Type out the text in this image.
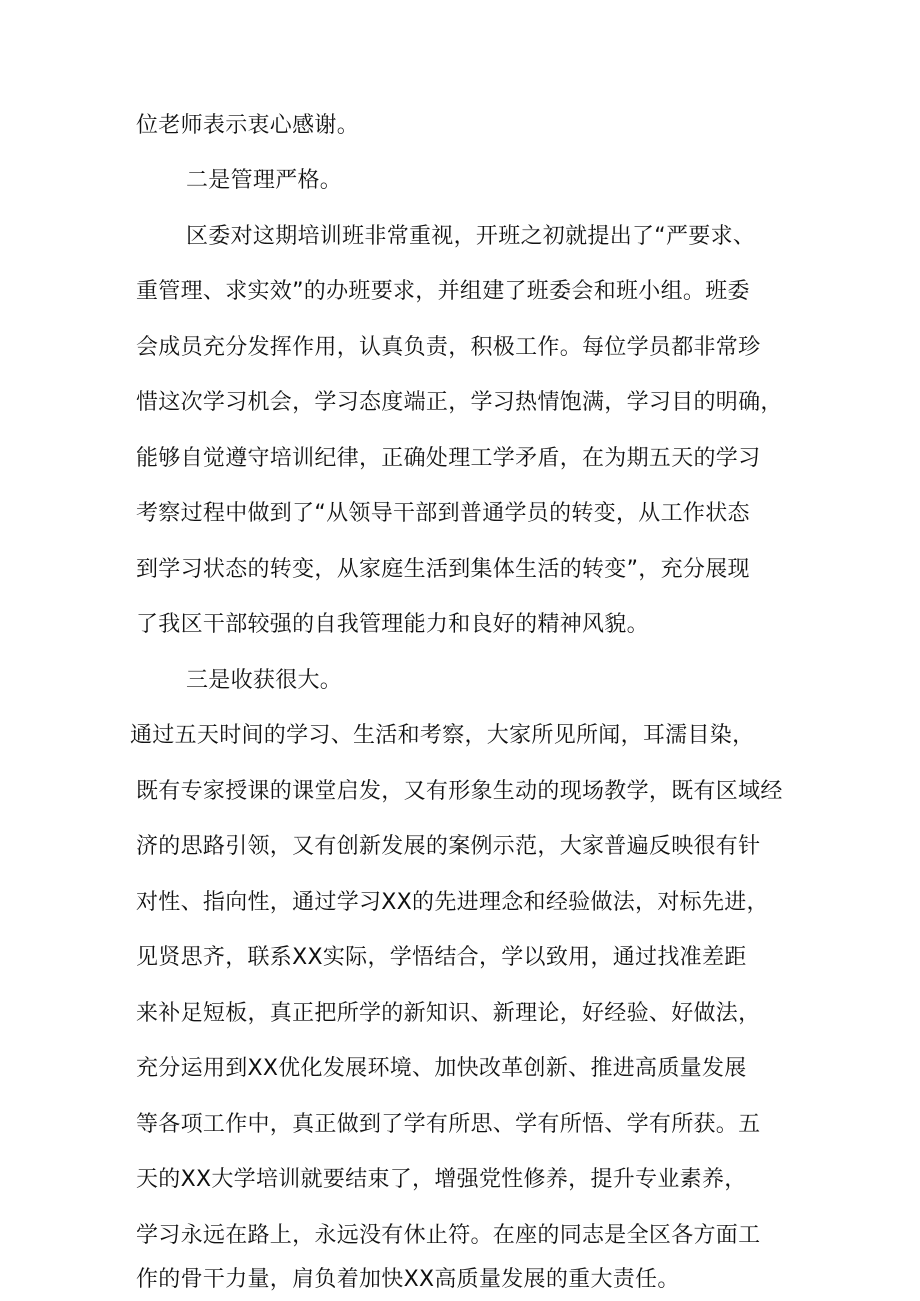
位老师表示衷心感谢。
二是管理严格。
区委对这期培训班非常重视，开班之初就提出了“严要求、
重管理、求实效”的办班要求，并组建了班委会和班小组。班委
会成员充分发挥作用，认真负责，积极工作。每位学员都非常珍
惜这次学习机会，学习态度端正，学习热情饱满，学习目的明确，
能够自觉遵守培训纪律，正确处理工学矛盾，在为期五天的学习
考察过程中做到了“从领导干部到普通学员的转变，从工作状态
到学习状态的转变，从家庭生活到集体生活的转变”，充分展现
了我区干部较强的自我管理能力和良好的精神风貌。
三是收获很大。
通过五天时间的学习、生活和考察，大家所见所闻，耳濡目染，
既有专家授课的课堂启发，又有形象生动的现场教学，既有区域经
济的思路引领，又有创新发展的案例示范，大家普遍反映很有针
对性、指向性，通过学习XX的先进理念和经验做法，对标先进，
见贤思齐，联系XX实际，学悟结合，学以致用，通过找准差距
来补足短板，真正把所学的新知识、新理论，好经验、好做法，
充分运用到XX优化发展环境、加快改革创新、推进高质量发展
等各项工作中，真正做到了学有所思、学有所悟、学有所获。五
天的XX大学培训就要结束了，增强党性修养，提升专业素养，
学习永远在路上，永远没有休止符。在座的同志是全区各方面工
作的骨干力量，肩负着加快XX高质量发展的重大责任。
